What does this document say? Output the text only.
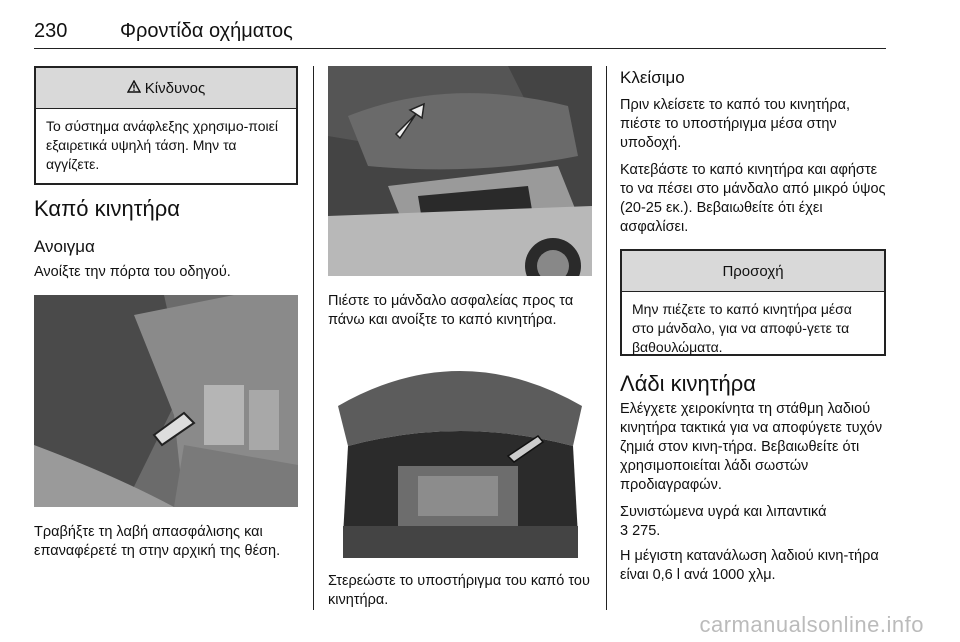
230	Φροντίδα οχήματος
Κίνδυνος
Το σύστημα ανάφλεξης χρησιμο-ποιεί εξαιρετικά υψηλή τάση. Μην τα αγγίζετε.
Καπό κινητήρα
Ανοιγμα

Ανοίξτε την πόρτα του οδηγού.

Τραβήξτε τη λαβή απασφάλισης και επαναφέρετέ τη στην αρχική της θέση.

Πιέστε το μάνδαλο ασφαλείας προς τα πάνω και ανοίξτε το καπό κινητήρα.

Στερεώστε το υποστήριγμα του καπό του κινητήρα.

Κλείσιμο

Πριν κλείσετε το καπό του κινητήρα, πιέστε το υποστήριγμα μέσα στην υποδοχή.

Κατεβάστε το καπό κινητήρα και αφήστε το να πέσει στο μάνδαλο από μικρό ύψος (20-25 εκ.). Βεβαιωθείτε ότι έχει ασφαλίσει.

Προσοχή
Μην πιέζετε το καπό κινητήρα μέσα στο μάνδαλο, για να αποφύ-γετε τα βαθουλώματα.
Λάδι κινητήρα

Ελέγχετε χειροκίνητα τη στάθμη λαδιού κινητήρα τακτικά για να αποφύγετε τυχόν ζημιά στον κινη-τήρα. Βεβαιωθείτε ότι χρησιμοποιείται λάδι σωστών προδιαγραφών.

Συνιστώμενα υγρά και λιπαντικά

3 275.

Η μέγιστη κατανάλωση λαδιού κινη-τήρα είναι 0,6 l ανά 1000 χλμ.

carmanualsonline.info
